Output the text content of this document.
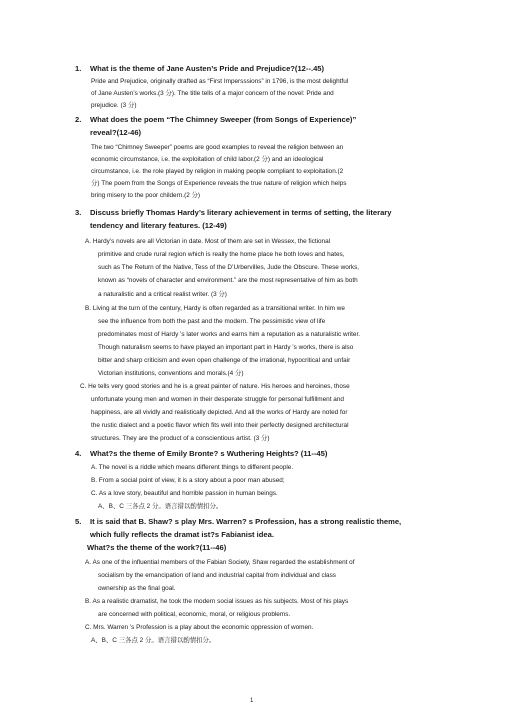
1. What is the theme of Jane Austen’s Pride and Prejudice?(12--.45)
Pride and Prejudice, originally drafted as “First Impersssions” in 1796, is the most delightful
of Jane Austen’s works.(3 分). The title tells of a major concern of the novel: Pride and
prejudice. (3 分)
2. What does the poem “The Chimney Sweeper (from Songs of Experience)”
reveal?(12-46)
The two “Chimney Sweeper” poems are good examples to reveal the religion between an
economic circumstance, i.e. the exploitation of child labor.(2 分) and an ideological
circumstance, i.e. the role played by religion in making people compliant to exploitation.(2
分) The poem from the Songs of Experience reveals the true nature of religion which helps
bring misery to the poor childern.(2 分)
3. Discuss briefly Thomas Hardy’s literary achievement in terms of setting, the literary
tendency and literary features. (12-49)
A. Hardy’s novels are all Victorian in date. Most of them are set in Wessex, the fictional
primitive and crude rural region which is really the home place he both loves and hates,
such as The Return of the Native, Tess of the D’Urbervilles, Jude the Obscure. These works,
known as “novels of character and environment.” are the most representative of him as both
a naturalistic and a critical realist writer. (3 分)
B. Living at the turn of the century, Hardy is often regarded as a transitional writer. In him we
see the influence from both the past and the modern. The pessimistic view of life
predominates most of Hardy ’s later works and earns him a reputation as a naturalistic writer.
Though naturalism seems to have played an important part in Hardy ’s works, there is also
bitter and sharp criticism and even open challenge of the irrational, hypocritical and unfair
Victorian institutions, conventions and morals.(4 分)
C. He tells very good stories and he is a great painter of nature. His heroes and heroines, those
unfortunate young men and women in their desperate struggle for personal fulfillment and
happiness, are all vividly and realistically depicted. And all the works of Hardy are noted for
the rustic dialect and a poetic flavor which fits well into their perfectly designed architectural
structures. They are the product of a conscientious artist. (3 分)
4. What?s the theme of Emily Bronte? s Wuthering Heights? (11--45)
A. The novel is a riddle which means different things to different people.
B. From a social point of view, it is a story about a poor man abused;
C. As a love story, beautiful and horrible passion in human beings.
A、B、C 三各点 2 分。语言措以酌情扣分。
5. It is said that B. Shaw? s play Mrs. Warren? s Profession, has a strong realistic theme,
which fully reflects the dramat ist?s Fabianist idea.
What?s the theme of the work?(11--46)
A. As one of the influential members of the Fabian Society, Shaw regarded the establishment of
socialism by the emancipation of land and industrial capital from individual and class
ownership as the final goal.
B. As a realistic dramatist, he took the modern social issues as his subjects. Most of his plays
are concerned with political, economic, moral, or religious problems.
C. Mrs. Warren ’s Profession is a play about the economic oppression of women.
A、B、C 三各点 2 分。语言措以酌情扣分。
1
